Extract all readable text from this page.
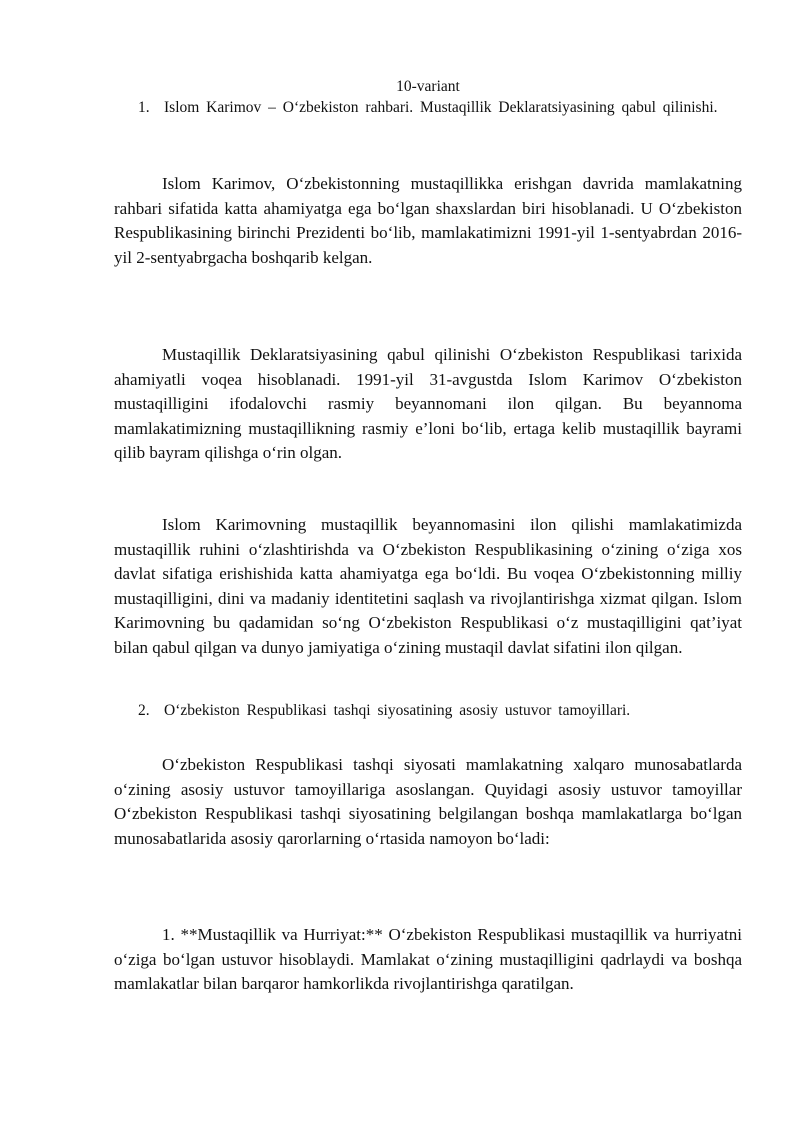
10-variant
1. Islom Karimov – O‘zbekiston rahbari. Mustaqillik Deklaratsiyasining qabul qilinishi.

Islom Karimov, O‘zbekistonning mustaqillikka erishgan davrida mamlakatning rahbari sifatida katta ahamiyatga ega bo‘lgan shaxslardan biri hisoblanadi. U O‘zbekiston Respublikasining birinchi Prezidenti bo‘lib, mamlakatimizni 1991-yil 1-sentyabrdan 2016-yil 2-sentyabrgacha boshqarib kelgan.

Mustaqillik Deklaratsiyasining qabul qilinishi O‘zbekiston Respublikasi tarixida ahamiyatli voqea hisoblanadi. 1991-yil 31-avgustda Islom Karimov O‘zbekiston mustaqilligini ifodalovchi rasmiy beyannomani ilon qilgan. Bu beyannoma mamlakatimizning mustaqillikning rasmiy e’loni bo‘lib, ertaga kelib mustaqillik bayrami qilib bayram qilishga o‘rin olgan.

Islom Karimovning mustaqillik beyannomasini ilon qilishi mamlakatimizda mustaqillik ruhini o‘zlashtirishda va O‘zbekiston Respublikasining o‘zining o‘ziga xos davlat sifatiga erishishida katta ahamiyatga ega bo‘ldi. Bu voqea O‘zbekistonning milliy mustaqilligini, dini va madaniy identitetini saqlash va rivojlantirishga xizmat qilgan. Islom Karimovning bu qadamidan so‘ng O‘zbekiston Respublikasi o‘z mustaqilligini qat’iyat bilan qabul qilgan va dunyo jamiyatiga o‘zining mustaqil davlat sifatini ilon qilgan.

2. O‘zbekiston Respublikasi tashqi siyosatining asosiy ustuvor tamoyillari.

O‘zbekiston Respublikasi tashqi siyosati mamlakatning xalqaro munosabatlarda o‘zining asosiy ustuvor tamoyillariga asoslangan. Quyidagi asosiy ustuvor tamoyillar O‘zbekiston Respublikasi tashqi siyosatining belgilangan boshqa mamlakatlarga bo‘lgan munosabatlarida asosiy qarorlarning o‘rtasida namoyon bo‘ladi:

1. **Mustaqillik va Hurriyat:** O‘zbekiston Respublikasi mustaqillik va hurriyatni o‘ziga bo‘lgan ustuvor hisoblaydi. Mamlakat o‘zining mustaqilligini qadrlaydi va boshqa mamlakatlar bilan barqaror hamkorlikda rivojlantirishga qaratilgan.
